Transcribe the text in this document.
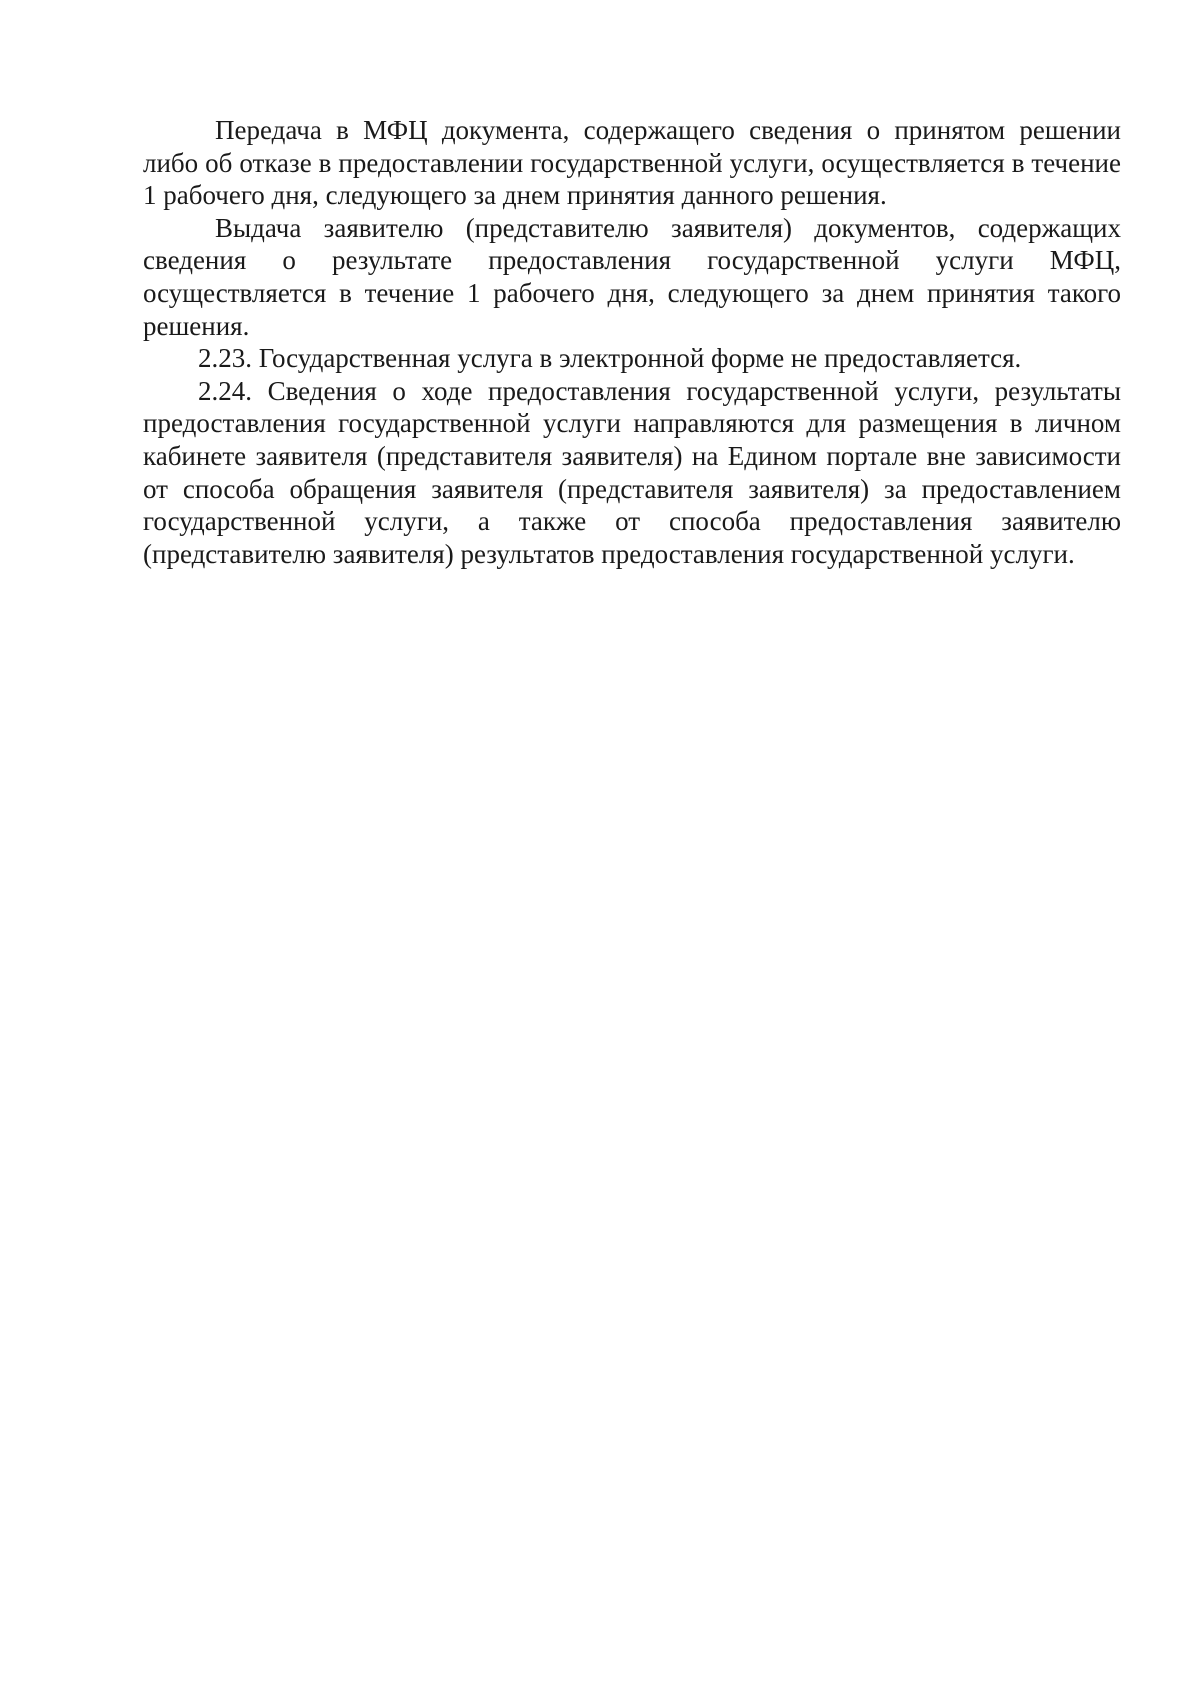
Передача в МФЦ документа, содержащего сведения о принятом решении либо об отказе в предоставлении государственной услуги, осуществляется в течение 1 рабочего дня, следующего за днем принятия данного решения.

Выдача заявителю (представителю заявителя) документов, содержащих сведения о результате предоставления государственной услуги МФЦ, осуществляется в течение 1 рабочего дня, следующего за днем принятия такого решения.

2.23. Государственная услуга в электронной форме не предоставляется.

2.24. Сведения о ходе предоставления государственной услуги, результаты предоставления государственной услуги направляются для размещения в личном кабинете заявителя (представителя заявителя) на Едином портале вне зависимости от способа обращения заявителя (представителя заявителя) за предоставлением государственной услуги, а также от способа предоставления заявителю (представителю заявителя) результатов предоставления государственной услуги.
